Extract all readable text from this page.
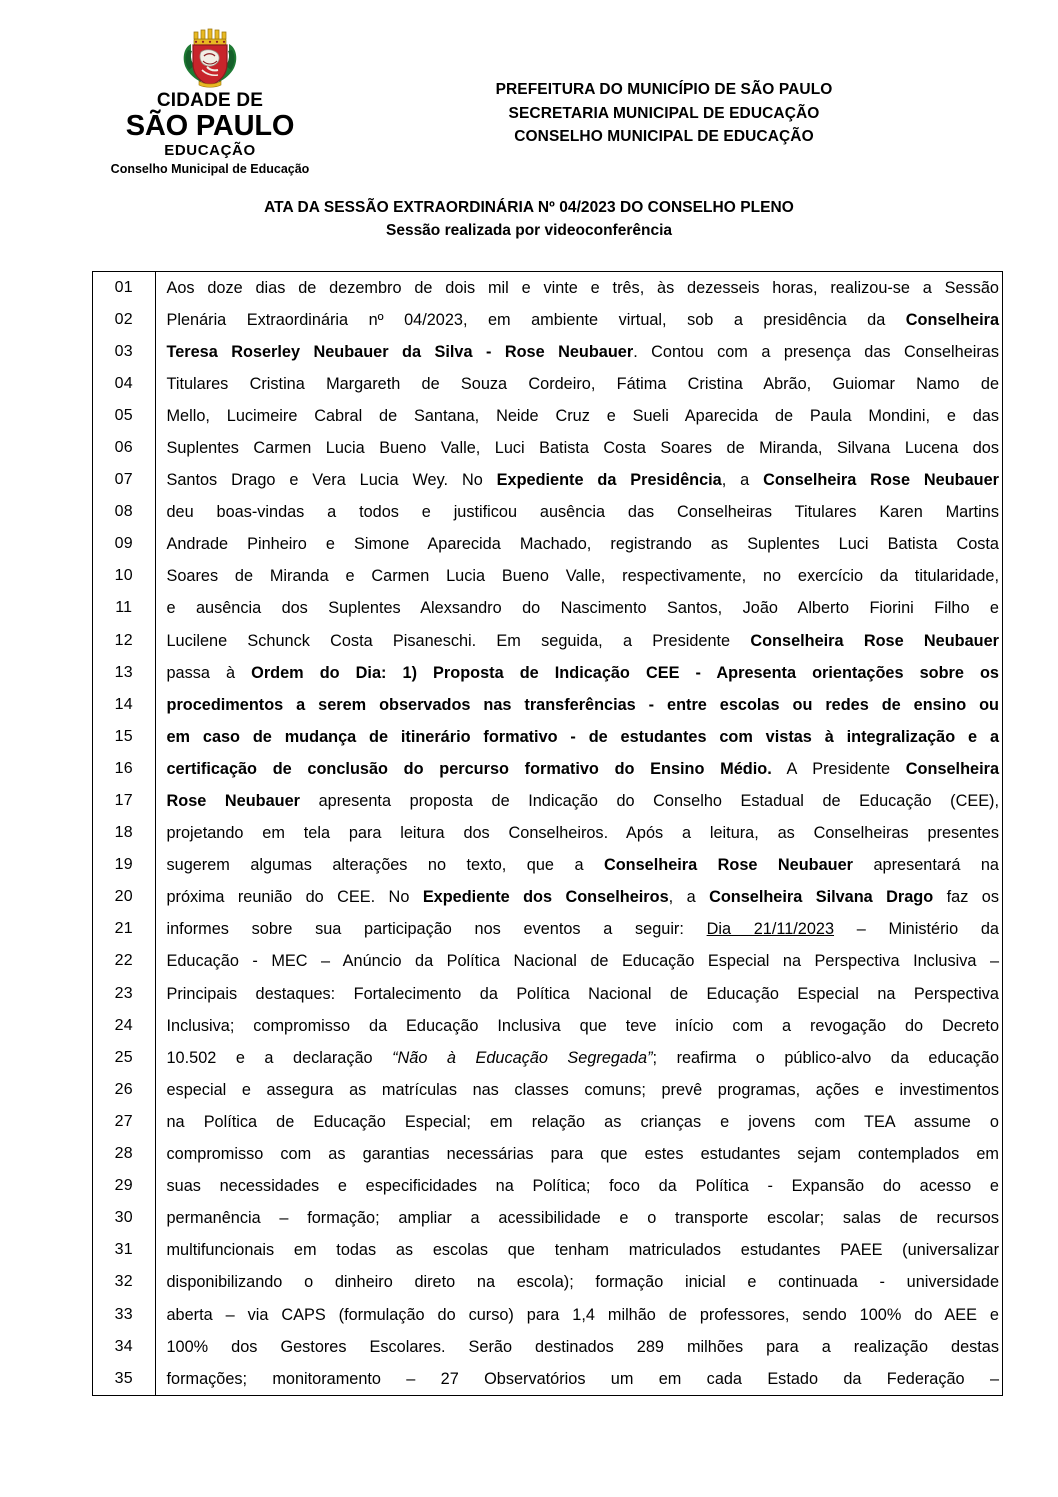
CIDADE DE
SÃO PAULO
EDUCAÇÃO
Conselho Municipal de Educação
PREFEITURA DO MUNICÍPIO DE SÃO PAULO
SECRETARIA MUNICIPAL DE EDUCAÇÃO
CONSELHO MUNICIPAL DE EDUCAÇÃO
ATA DA SESSÃO EXTRAORDINÁRIA Nº 04/2023 DO CONSELHO PLENO
Sessão realizada por videoconferência
01	Aos doze dias de dezembro de dois mil e vinte e três, às dezesseis horas, realizou-se a Sessão

02	Plenária Extraordinária nº 04/2023, em ambiente virtual, sob a presidência da Conselheira

03	Teresa Roserley Neubauer da Silva - Rose Neubauer. Contou com a presença das Conselheiras

04	Titulares Cristina Margareth de Souza Cordeiro, Fátima Cristina Abrão, Guiomar Namo de

05	Mello, Lucimeire Cabral de Santana, Neide Cruz e Sueli Aparecida de Paula Mondini, e das

06	Suplentes Carmen Lucia Bueno Valle, Luci Batista Costa Soares de Miranda, Silvana Lucena dos

07	Santos Drago e Vera Lucia Wey. No Expediente da Presidência, a Conselheira Rose Neubauer

08	deu boas-vindas a todos e justificou ausência das Conselheiras Titulares Karen Martins

09	Andrade Pinheiro e Simone Aparecida Machado, registrando as Suplentes Luci Batista Costa

10	Soares de Miranda e Carmen Lucia Bueno Valle, respectivamente, no exercício da titularidade,

11	e ausência dos Suplentes Alexsandro do Nascimento Santos, João Alberto Fiorini Filho e

12	Lucilene Schunck Costa Pisaneschi. Em seguida, a Presidente Conselheira Rose Neubauer

13	passa à Ordem do Dia: 1) Proposta de Indicação CEE - Apresenta orientações sobre os

14	procedimentos a serem observados nas transferências - entre escolas ou redes de ensino ou

15	em caso de mudança de itinerário formativo - de estudantes com vistas à integralização e a

16	certificação de conclusão do percurso formativo do Ensino Médio. A Presidente Conselheira

17	Rose Neubauer apresenta proposta de Indicação do Conselho Estadual de Educação (CEE),

18	projetando em tela para leitura dos Conselheiros. Após a leitura, as Conselheiras presentes

19	sugerem algumas alterações no texto, que a Conselheira Rose Neubauer apresentará na

20	próxima reunião do CEE. No Expediente dos Conselheiros, a Conselheira Silvana Drago faz os

21	informes sobre sua participação nos eventos a seguir: Dia 21/11/2023 – Ministério da

22	Educação - MEC – Anúncio da Política Nacional de Educação Especial na Perspectiva Inclusiva –

23	Principais destaques: Fortalecimento da Política Nacional de Educação Especial na Perspectiva

24	Inclusiva; compromisso da Educação Inclusiva que teve início com a revogação do Decreto

25	10.502 e a declaração “Não à Educação Segregada”; reafirma o público-alvo da educação

26	especial e assegura as matrículas nas classes comuns; prevê programas, ações e investimentos

27	na Política de Educação Especial; em relação as crianças e jovens com TEA assume o

28	compromisso com as garantias necessárias para que estes estudantes sejam contemplados em

29	suas necessidades e especificidades na Política; foco da Política - Expansão do acesso e

30	permanência – formação; ampliar a acessibilidade e o transporte escolar; salas de recursos

31	multifuncionais em todas as escolas que tenham matriculados estudantes PAEE (universalizar

32	disponibilizando o dinheiro direto na escola); formação inicial e continuada - universidade

33	aberta – via CAPS (formulação do curso) para 1,4 milhão de professores, sendo 100% do AEE e

34	100% dos Gestores Escolares. Serão destinados 289 milhões para a realização destas

35	formações; monitoramento – 27 Observatórios um em cada Estado da Federação –
